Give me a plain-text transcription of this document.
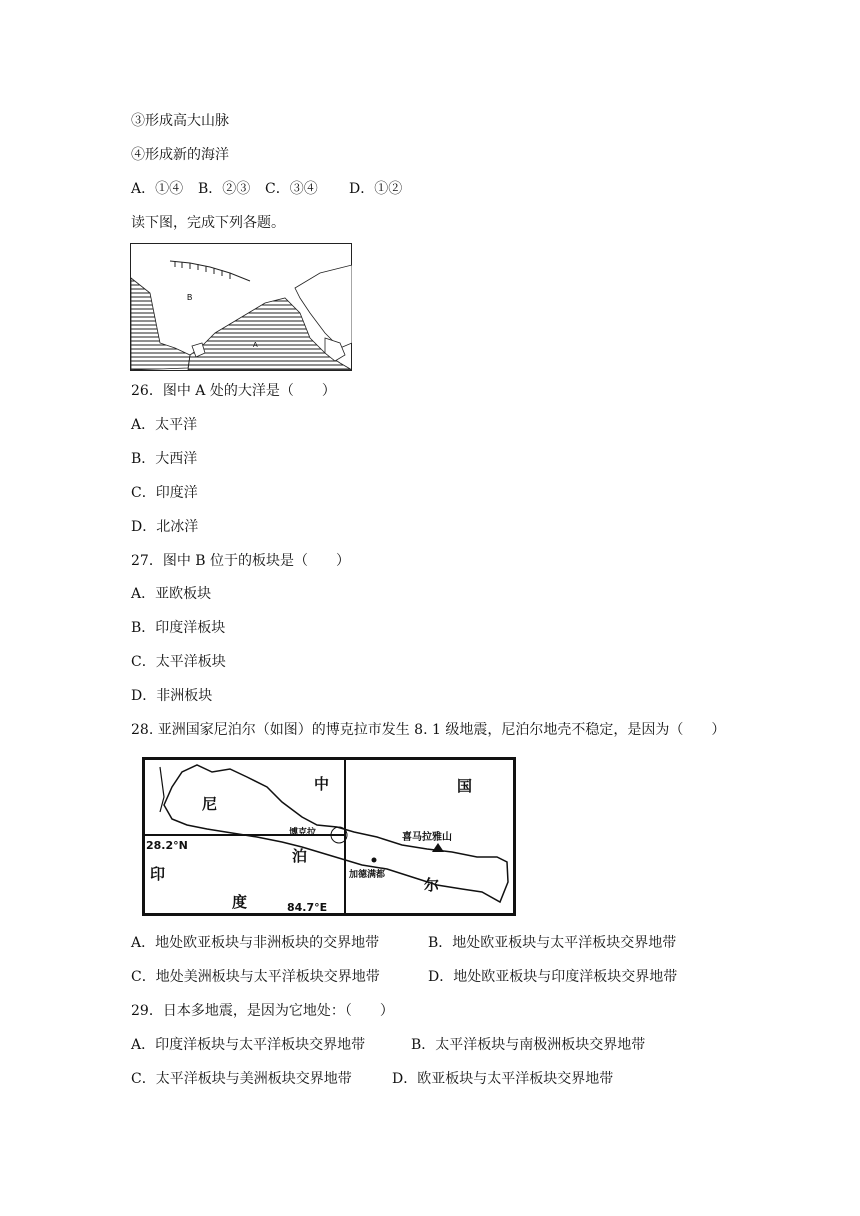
③形成高大山脉
④形成新的海洋
A．①④ B．②③ C．③④ D．①②
读下图，完成下列各题。
B
A
26．图中 A 处的大洋是（　　）
A．太平洋
B．大西洋
C．印度洋
D．北冰洋
27．图中 B 位于的板块是（　　）
A．亚欧板块
B．印度洋板块
C．太平洋板块
D．非洲板块
28. 亚洲国家尼泊尔（如图）的博克拉市发生 8. 1 级地震，尼泊尔地壳不稳定，是因为（　　）
中	国
尼
泊
尔
印
度
28.2°N
84.7°E
博克拉	喜马拉雅山
加德满都
A．地处欧亚板块与非洲板块的交界地带	B．地处欧亚板块与太平洋板块交界地带
C．地处美洲板块与太平洋板块交界地带	D．地处欧亚板块与印度洋板块交界地带
29．日本多地震，是因为它地处：（　　）
A．印度洋板块与太平洋板块交界地带	B．太平洋板块与南极洲板块交界地带
C．太平洋板块与美洲板块交界地带	D．欧亚板块与太平洋板块交界地带
